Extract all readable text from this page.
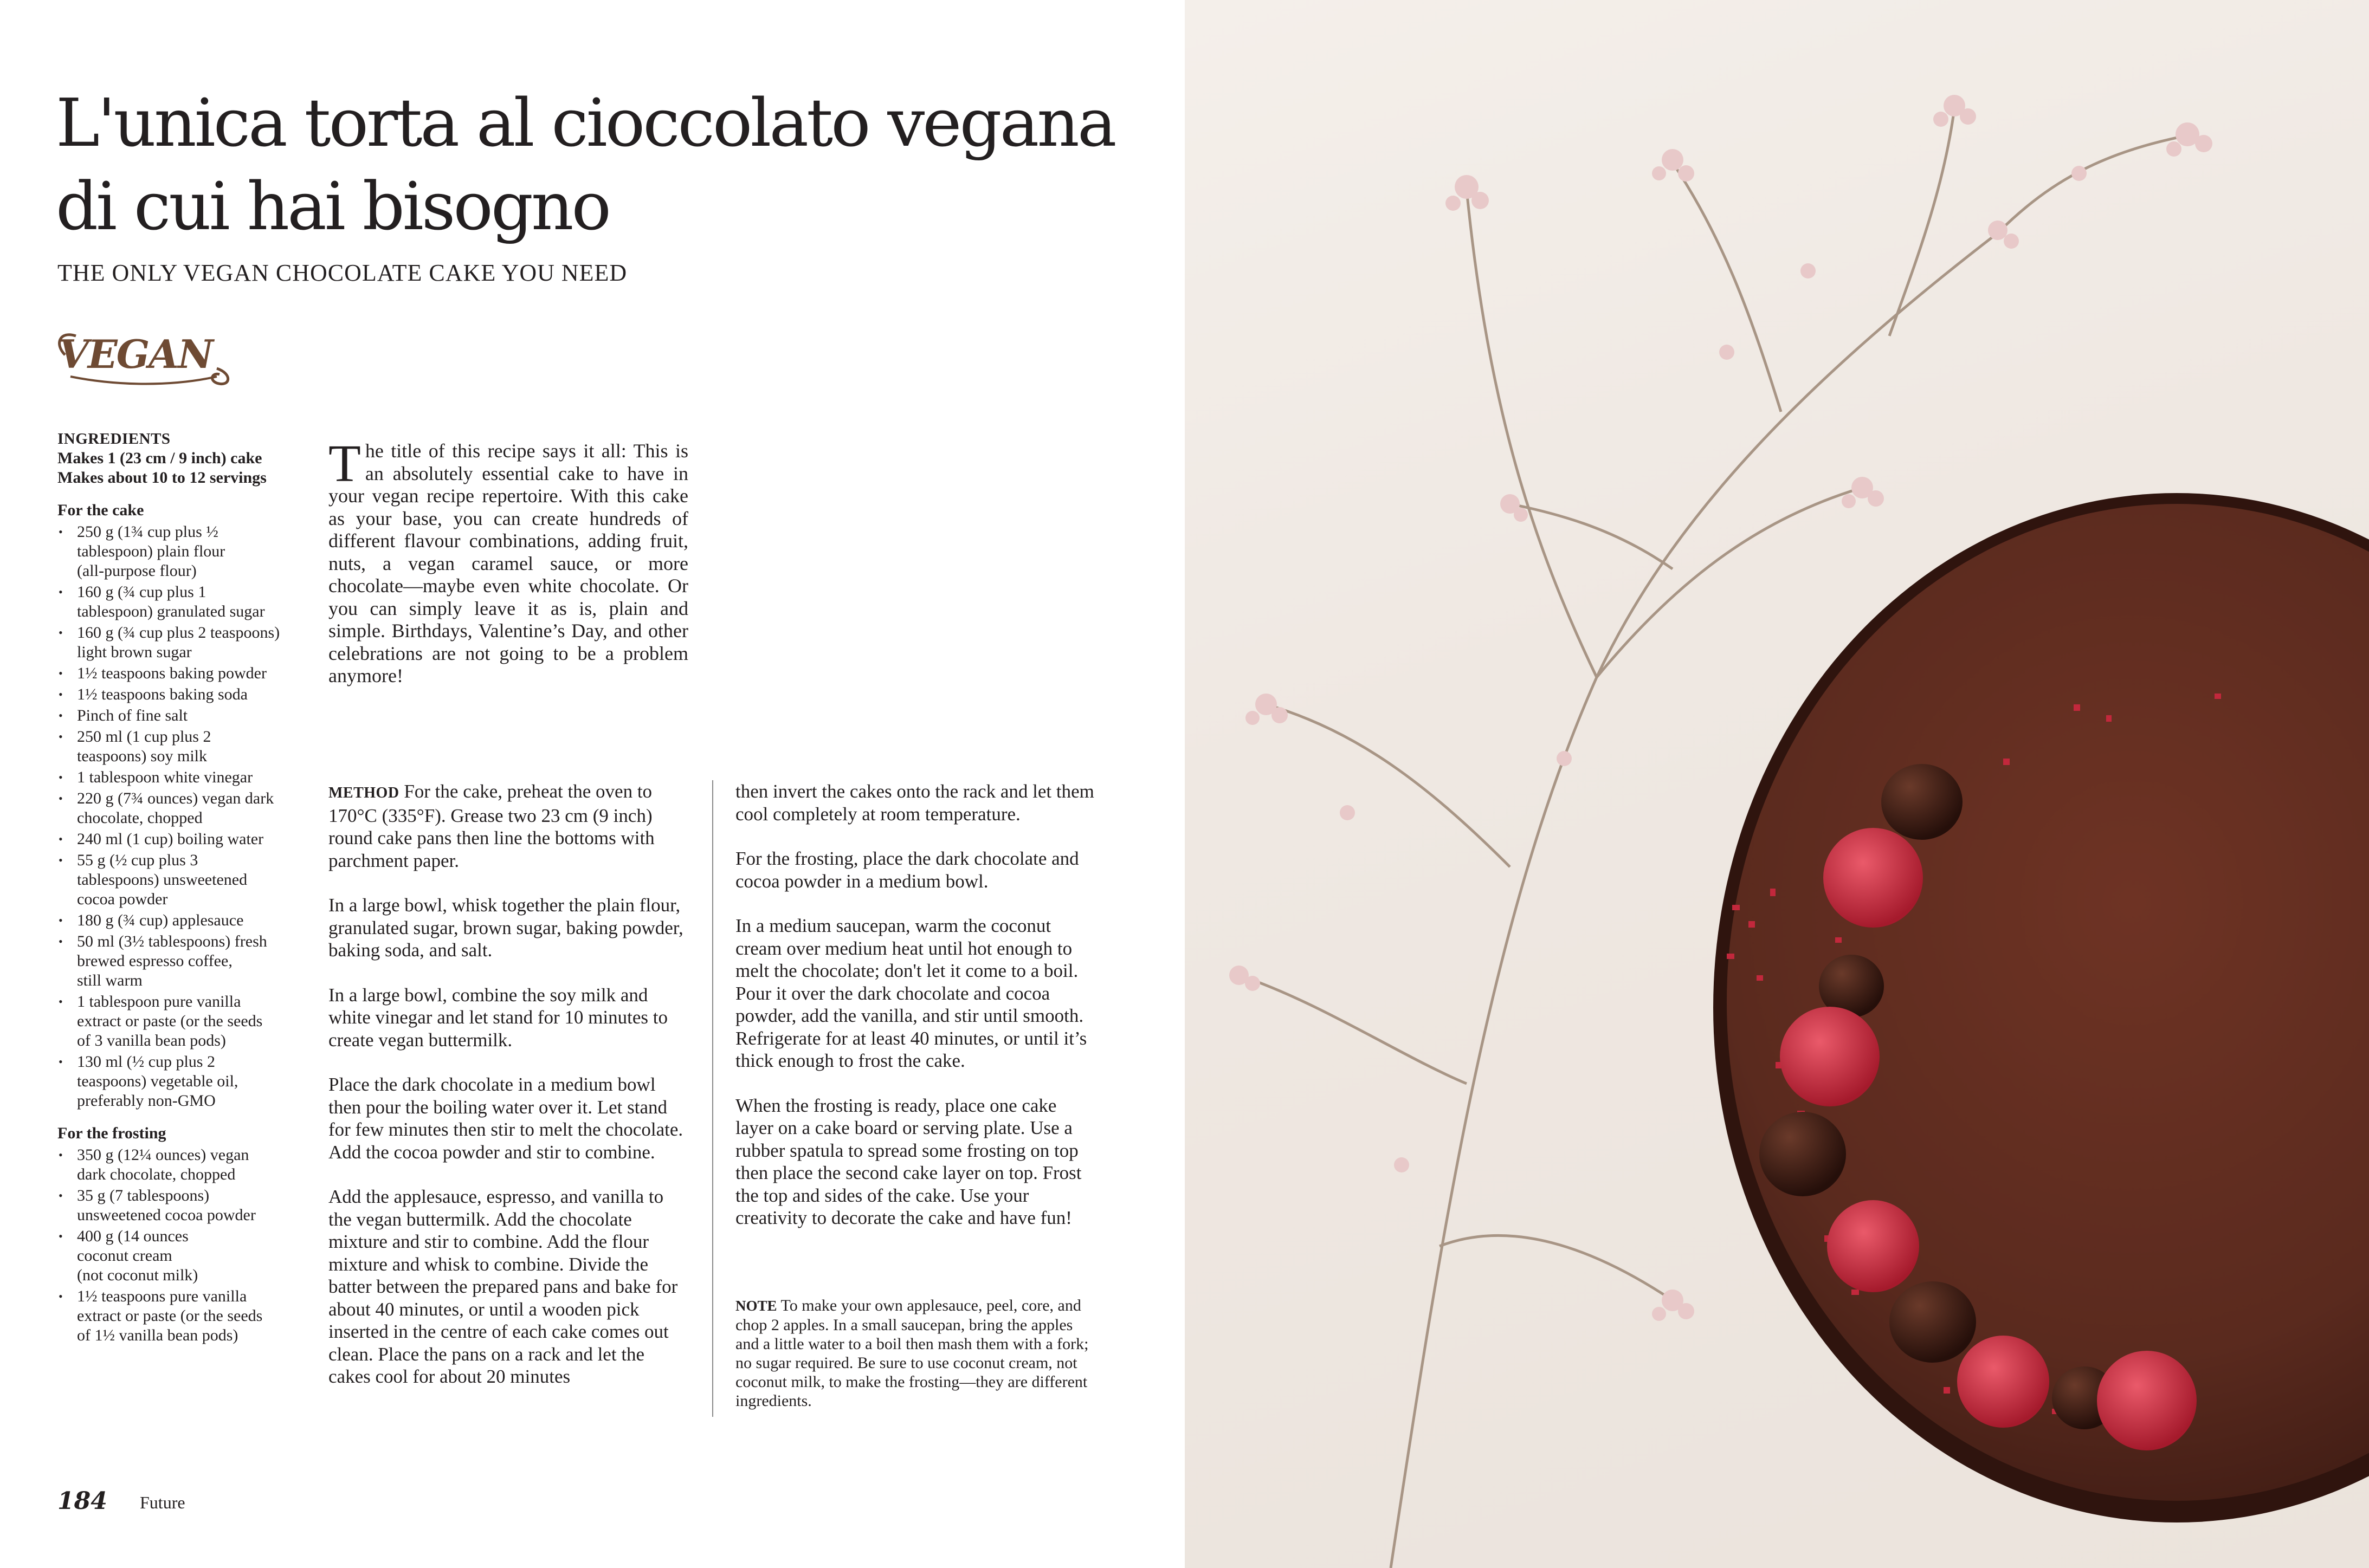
L'unica torta al cioccolato vegana
di cui hai bisogno
THE ONLY VEGAN CHOCOLATE CAKE YOU NEED
VEGAN
INGREDIENTS

Makes 1 (23 cm / 9 inch) cake

Makes about 10 to 12 servings

For the cake

• 250 g (1¾ cup plus ½
tablespoon) plain flour
(all-purpose flour)
• 160 g (¾ cup plus 1
tablespoon) granulated sugar
• 160 g (¾ cup plus 2 teaspoons)
light brown sugar
• 1½ teaspoons baking powder
• 1½ teaspoons baking soda
• Pinch of fine salt
• 250 ml (1 cup plus 2
teaspoons) soy milk
• 1 tablespoon white vinegar
• 220 g (7¾ ounces) vegan dark
chocolate, chopped
• 240 ml (1 cup) boiling water
• 55 g (½ cup plus 3
tablespoons) unsweetened
cocoa powder
• 180 g (¾ cup) applesauce
• 50 ml (3½ tablespoons) fresh
brewed espresso coffee,
still warm
• 1 tablespoon pure vanilla
extract or paste (or the seeds
of 3 vanilla bean pods)
• 130 ml (½ cup plus 2
teaspoons) vegetable oil,
preferably non-GMO

For the frosting

• 350 g (12¼ ounces) vegan
dark chocolate, chopped
• 35 g (7 tablespoons)
unsweetened cocoa powder
• 400 g (14 ounces
coconut cream
(not coconut milk)
• 1½ teaspoons pure vanilla
extract or paste (or the seeds
of 1½ vanilla bean pods)
The title of this recipe says it all: This is an absolutely essential cake to have in your vegan recipe repertoire. With this cake as your base, you can create hundreds of different flavour combinations, adding fruit, nuts, a vegan caramel sauce, or more chocolate—maybe even white chocolate. Or you can simply leave it as is, plain and simple. Birthdays, Valentine’s Day, and other celebrations are not going to be a problem anymore!

METHOD For the cake, preheat the oven to 170°C (335°F). Grease two 23 cm (9 inch) round cake pans then line the bottoms with parchment paper.

In a large bowl, whisk together the plain flour, granulated sugar, brown sugar, baking powder, baking soda, and salt.

In a large bowl, combine the soy milk and white vinegar and let stand for 10 minutes to create vegan buttermilk.

Place the dark chocolate in a medium bowl then pour the boiling water over it. Let stand for few minutes then stir to melt the chocolate. Add the cocoa powder and stir to combine.

Add the applesauce, espresso, and vanilla to the vegan buttermilk. Add the chocolate mixture and stir to combine. Add the flour mixture and whisk to combine. Divide the batter between the prepared pans and bake for about 40 minutes, or until a wooden pick inserted in the centre of each cake comes out clean. Place the pans on a rack and let the cakes cool for about 20 minutes

then invert the cakes onto the rack and let them cool completely at room temperature.

For the frosting, place the dark chocolate and cocoa powder in a medium bowl.

In a medium saucepan, warm the coconut cream over medium heat until hot enough to melt the chocolate; don't let it come to a boil. Pour it over the dark chocolate and cocoa powder, add the vanilla, and stir until smooth. Refrigerate for at least 40 minutes, or until it’s thick enough to frost the cake.

When the frosting is ready, place one cake layer on a cake board or serving plate. Use a rubber spatula to spread some frosting on top then place the second cake layer on top. Frost the top and sides of the cake. Use your creativity to decorate the cake and have fun!

NOTE To make your own applesauce, peel, core, and chop 2 apples. In a small saucepan, bring the apples and a little water to a boil then mash them with a fork; no sugar required. Be sure to use coconut cream, not coconut milk, to make the frosting—they are different ingredients.
184 Future
